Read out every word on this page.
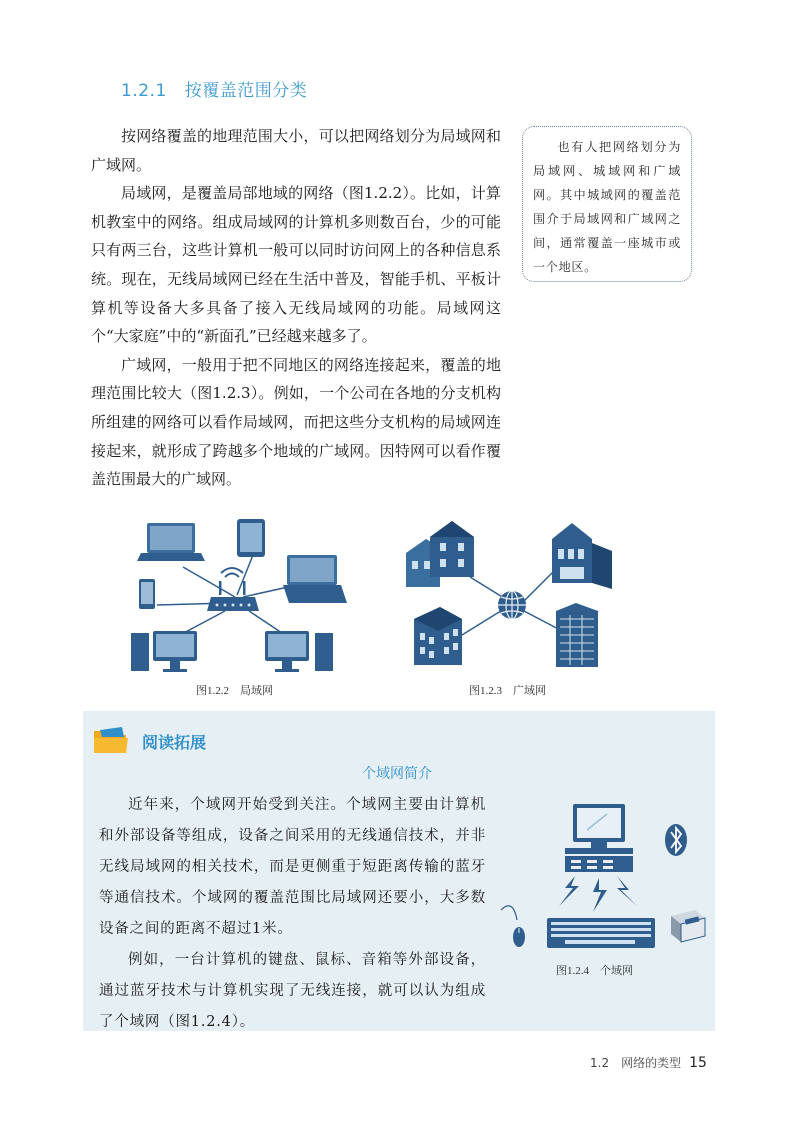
1.2.1 按覆盖范围分类

按网络覆盖的地理范围大小，可以把网络划分为局域网和广域网。

局域网，是覆盖局部地域的网络（图1.2.2）。比如，计算机教室中的网络。组成局域网的计算机多则数百台，少的可能只有两三台，这些计算机一般可以同时访问网上的各种信息系统。现在，无线局域网已经在生活中普及，智能手机、平板计算机等设备大多具备了接入无线局域网的功能。局域网这个“大家庭”中的“新面孔”已经越来越多了。

广域网，一般用于把不同地区的网络连接起来，覆盖的地理范围比较大（图1.2.3）。例如，一个公司在各地的分支机构所组建的网络可以看作局域网，而把这些分支机构的局域网连接起来，就形成了跨越多个地域的广域网。因特网可以看作覆盖范围最大的广域网。

也有人把网络划分为局域网、城域网和广域网。其中城域网的覆盖范围介于局域网和广域网之间，通常覆盖一座城市或一个地区。

图1.2.2　局域网	图1.2.3　广域网
阅读拓展
个域网简介

近年来，个域网开始受到关注。个域网主要由计算机和外部设备等组成，设备之间采用的无线通信技术，并非无线局域网的相关技术，而是更侧重于短距离传输的蓝牙等通信技术。个域网的覆盖范围比局域网还要小，大多数设备之间的距离不超过1米。

例如，一台计算机的键盘、鼠标、音箱等外部设备，通过蓝牙技术与计算机实现了无线连接，就可以认为组成了个域网（图1.2.4）。

图1.2.4　个域网
1.2　网络的类型 15
